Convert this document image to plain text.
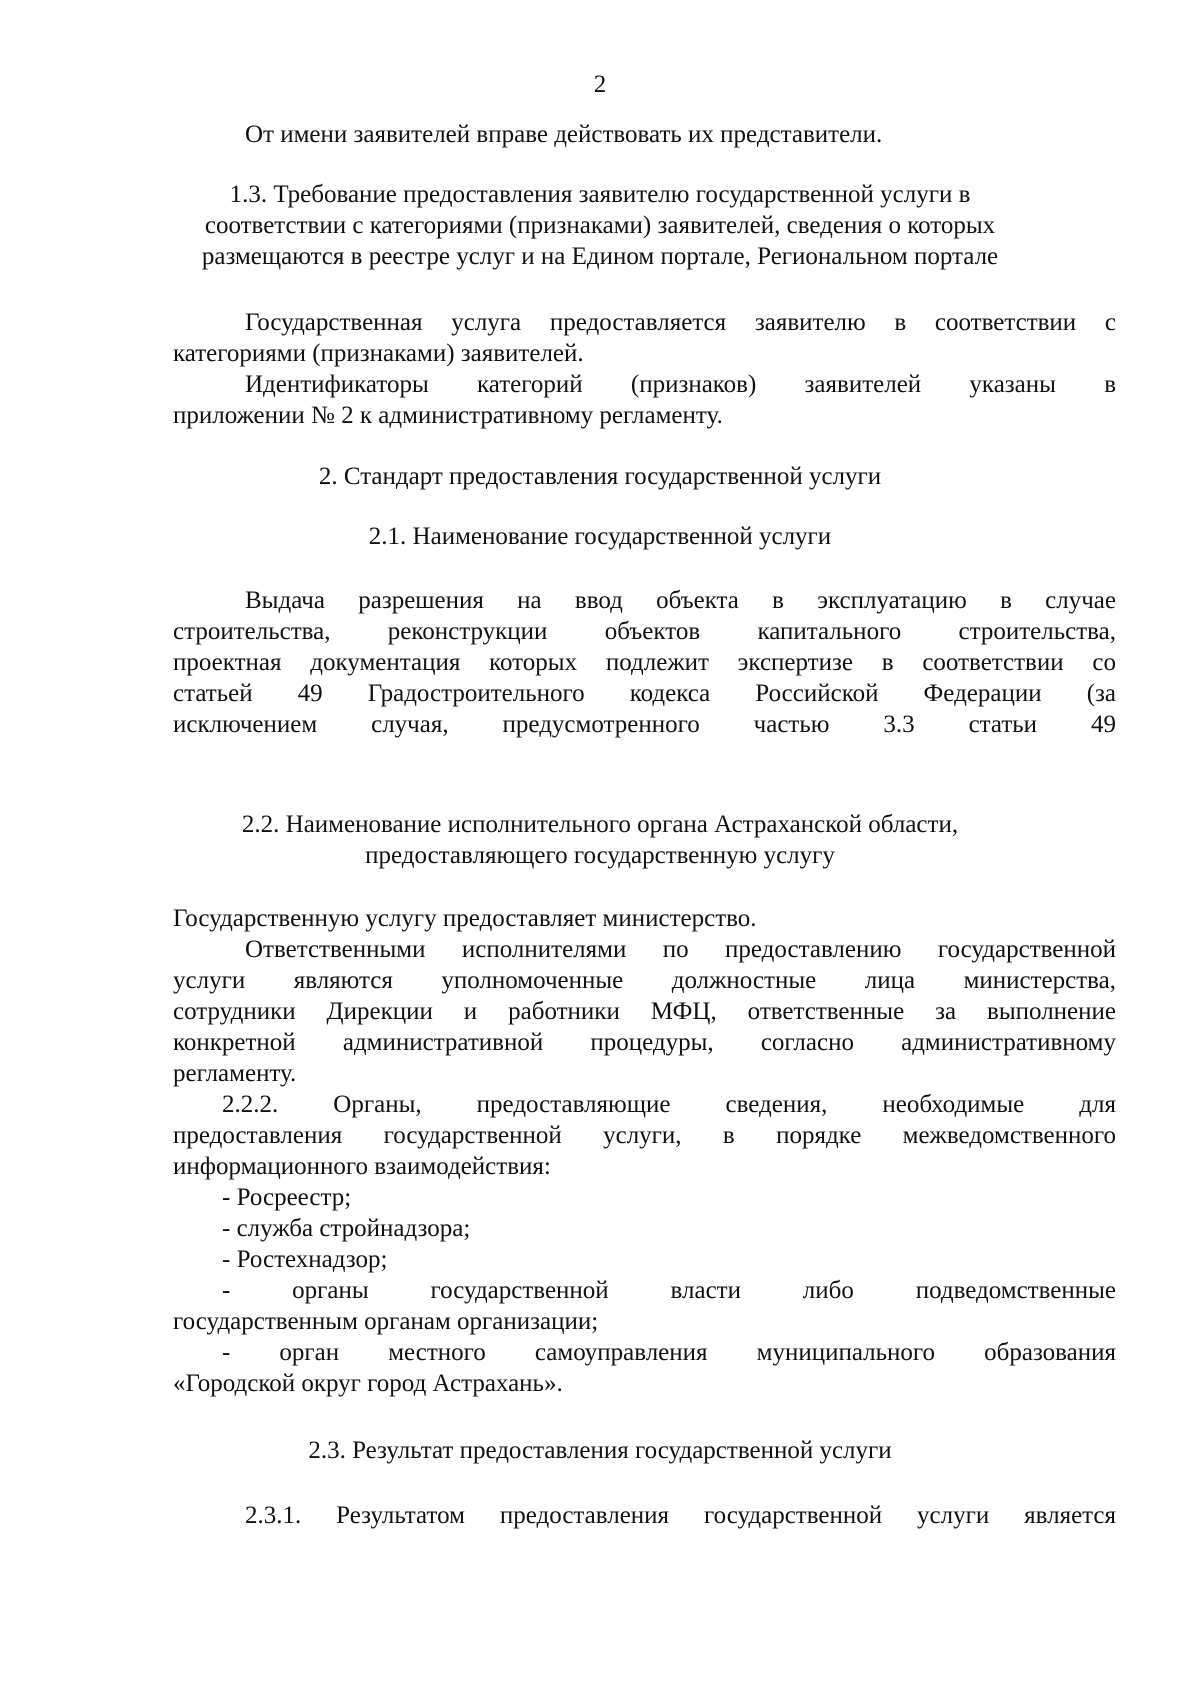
2

От имени заявителей вправе действовать их представители.

1.3. Требование предоставления заявителю государственной услуги в

соответствии с категориями (признаками) заявителей, сведения о которых

размещаются в реестре услуг и на Едином портале, Региональном портале

Государственная услуга предоставляется заявителю в соответствии с

категориями (признаками) заявителей.

Идентификаторы категорий (признаков) заявителей указаны в

приложении № 2 к административному регламенту.

2. Стандарт предоставления государственной услуги

2.1. Наименование государственной услуги

Выдача разрешения на ввод объекта в эксплуатацию в случае

строительства, реконструкции объектов капитального строительства,

проектная документация которых подлежит экспертизе в соответствии со

статьей 49 Градостроительного кодекса Российской Федерации (за

исключением случая, предусмотренного частью 3.3 статьи 49

2.2. Наименование исполнительного органа Астраханской области,

предоставляющего государственную услугу

Государственную услугу предоставляет министерство.

Ответственными исполнителями по предоставлению государственной

услуги являются уполномоченные должностные лица министерства,

сотрудники Дирекции и работники МФЦ, ответственные за выполнение

конкретной административной процедуры, согласно административному

регламенту.

2.2.2. Органы, предоставляющие сведения, необходимые для

предоставления государственной услуги, в порядке межведомственного

информационного взаимодействия:

- Росреестр;

- служба стройнадзора;

- Ростехнадзор;

- органы государственной власти либо подведомственные

государственным органам организации;

- орган местного самоуправления муниципального образования

«Городской округ город Астрахань».

2.3. Результат предоставления государственной услуги

2.3.1. Результатом предоставления государственной услуги является
